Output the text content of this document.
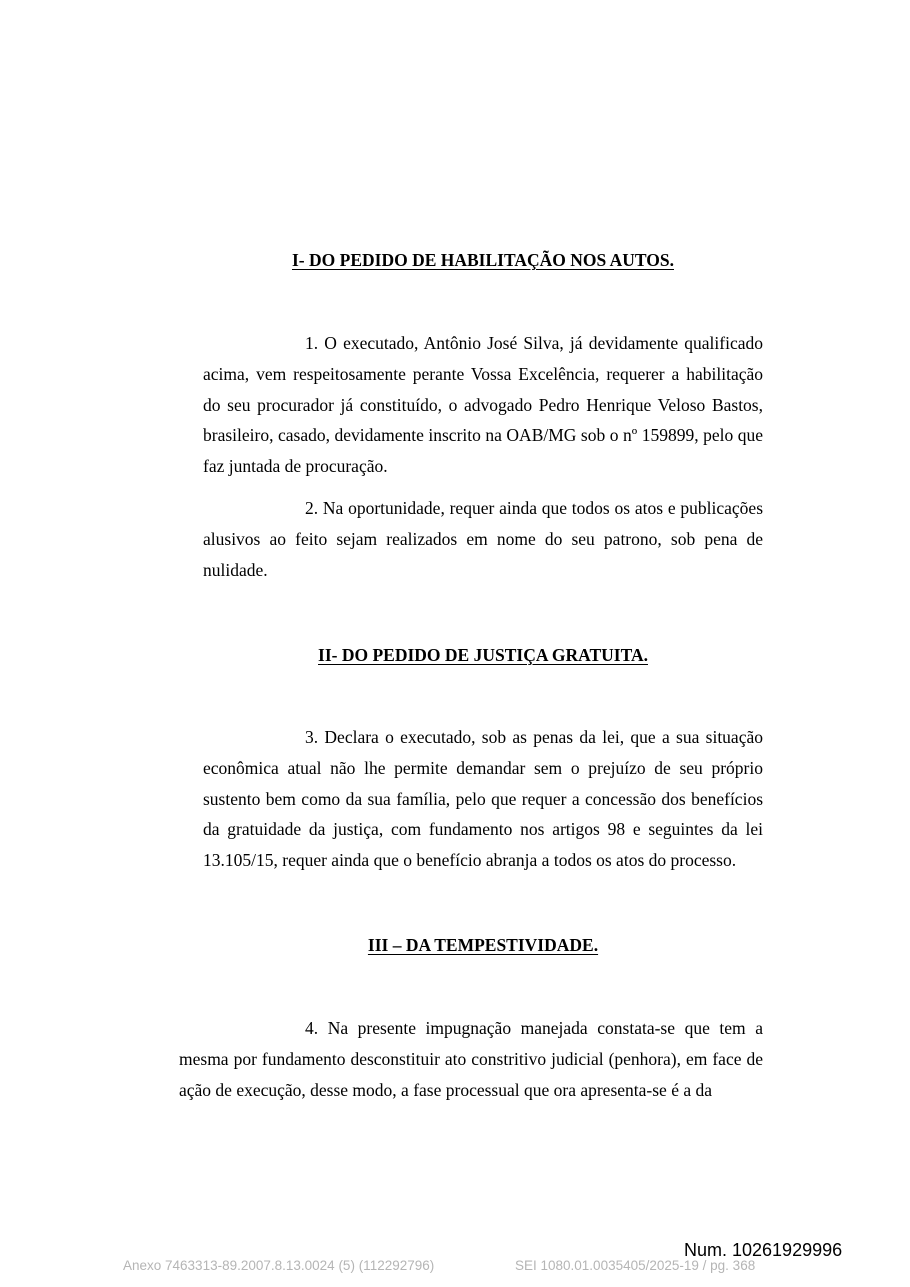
I- DO PEDIDO DE HABILITAÇÃO NOS AUTOS.

1. O executado, Antônio José Silva, já devidamente qualificado acima, vem respeitosamente perante Vossa Excelência, requerer a habilitação do seu procurador já constituído, o advogado Pedro Henrique Veloso Bastos, brasileiro, casado, devidamente inscrito na OAB/MG sob o nº 159899, pelo que faz juntada de procuração.

2. Na oportunidade, requer ainda que todos os atos e publicações alusivos ao feito sejam realizados em nome do seu patrono, sob pena de nulidade.

II- DO PEDIDO DE JUSTIÇA GRATUITA.

3. Declara o executado, sob as penas da lei, que a sua situação econômica atual não lhe permite demandar sem o prejuízo de seu próprio sustento bem como da sua família, pelo que requer a concessão dos benefícios da gratuidade da justiça, com fundamento nos artigos 98 e seguintes da lei 13.105/15, requer ainda que o benefício abranja a todos os atos do processo.

III – DA TEMPESTIVIDADE.

4. Na presente impugnação manejada constata-se que tem a mesma por fundamento desconstituir ato constritivo judicial (penhora), em face de ação de execução, desse modo, a fase processual que ora apresenta-se é a da

Num. 10261929996
Anexo 7463313-89.2007.8.13.0024 (5) (112292796)	SEI 1080.01.0035405/2025-19 / pg. 368
